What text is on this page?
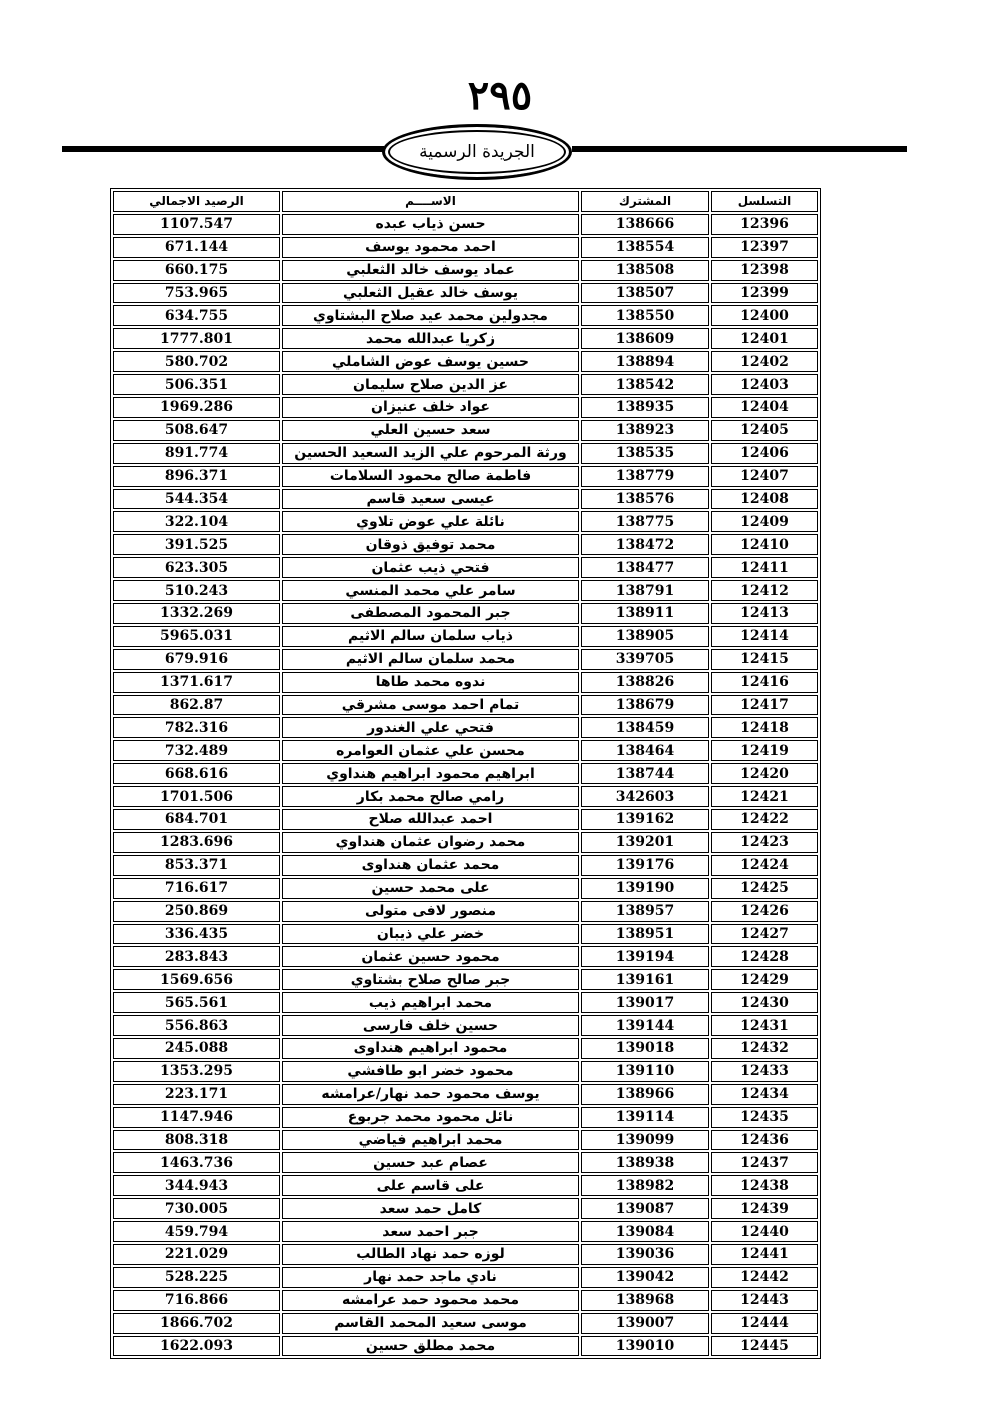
٢٩٥
الجريدة الرسمية
التسلسل	المشترك	الاســــم	الرصيد الاجمالي
12396	138666	حسن ذياب عبده	1107.547
12397	138554	احمد محمود يوسف	671.144
12398	138508	عماد يوسف خالد الثعلبي	660.175
12399	138507	يوسف خالد عقيل الثعلبي	753.965
12400	138550	مجدولين محمد عيد صلاح البشتاوي	634.755
12401	138609	زكريا عبدالله محمد	1777.801
12402	138894	حسين يوسف عوض الشاملي	580.702
12403	138542	عز الدين صلاح سليمان	506.351
12404	138935	عواد خلف عنيزان	1969.286
12405	138923	سعد حسين العلي	508.647
12406	138535	ورثة المرحوم علي الزيد السعيد الحسين	891.774
12407	138779	فاطمة صالح محمود السلامات	896.371
12408	138576	عيسى سعيد قاسم	544.354
12409	138775	نائلة علي عوض تلاوي	322.104
12410	138472	محمد توفيق ذوقان	391.525
12411	138477	فتحي ذيب عثمان	623.305
12412	138791	سامر علي محمد المنسي	510.243
12413	138911	جبر المحمود المصطفى	1332.269
12414	138905	ذياب سلمان سالم الاثيم	5965.031
12415	339705	محمد سلمان سالم الاثيم	679.916
12416	138826	ندوه محمد طاها	1371.617
12417	138679	تمام احمد موسى مشرقي	862.87
12418	138459	فتحي علي الغندور	782.316
12419	138464	محسن علي عثمان العوامره	732.489
12420	138744	ابراهيم محمود ابراهيم هنداوي	668.616
12421	342603	رامي صالح محمد بكار	1701.506
12422	139162	احمد عبدالله صلاح	684.701
12423	139201	محمد رضوان عثمان هنداوي	1283.696
12424	139176	محمد عثمان هنداوى	853.371
12425	139190	على محمد حسين	716.617
12426	138957	منصور لافى متولى	250.869
12427	138951	خضر علي ذيبان	336.435
12428	139194	محمود حسين عثمان	283.843
12429	139161	جبر صالح صلاح بشتاوي	1569.656
12430	139017	محمد ابراهيم ذيب	565.561
12431	139144	حسين خلف فارسى	556.863
12432	139018	محمود ابراهيم هنداوى	245.088
12433	139110	محمود خضر ابو طافشي	1353.295
12434	138966	يوسف محمود حمد نهار/عرامشه	223.171
12435	139114	نائل محمود محمد جربوع	1147.946
12436	139099	محمد ابراهيم فياضي	808.318
12437	138938	عصام عبد حسين	1463.736
12438	138982	على قاسم على	344.943
12439	139087	كامل حمد سعد	730.005
12440	139084	جبر احمد سعد	459.794
12441	139036	لوزه حمد نهاد الطالب	221.029
12442	139042	نادي ماجد حمد نهار	528.225
12443	138968	محمد محمود حمد عرامشه	716.866
12444	139007	موسى سعيد المحمد القاسم	1866.702
12445	139010	محمد مطلق حسين	1622.093
